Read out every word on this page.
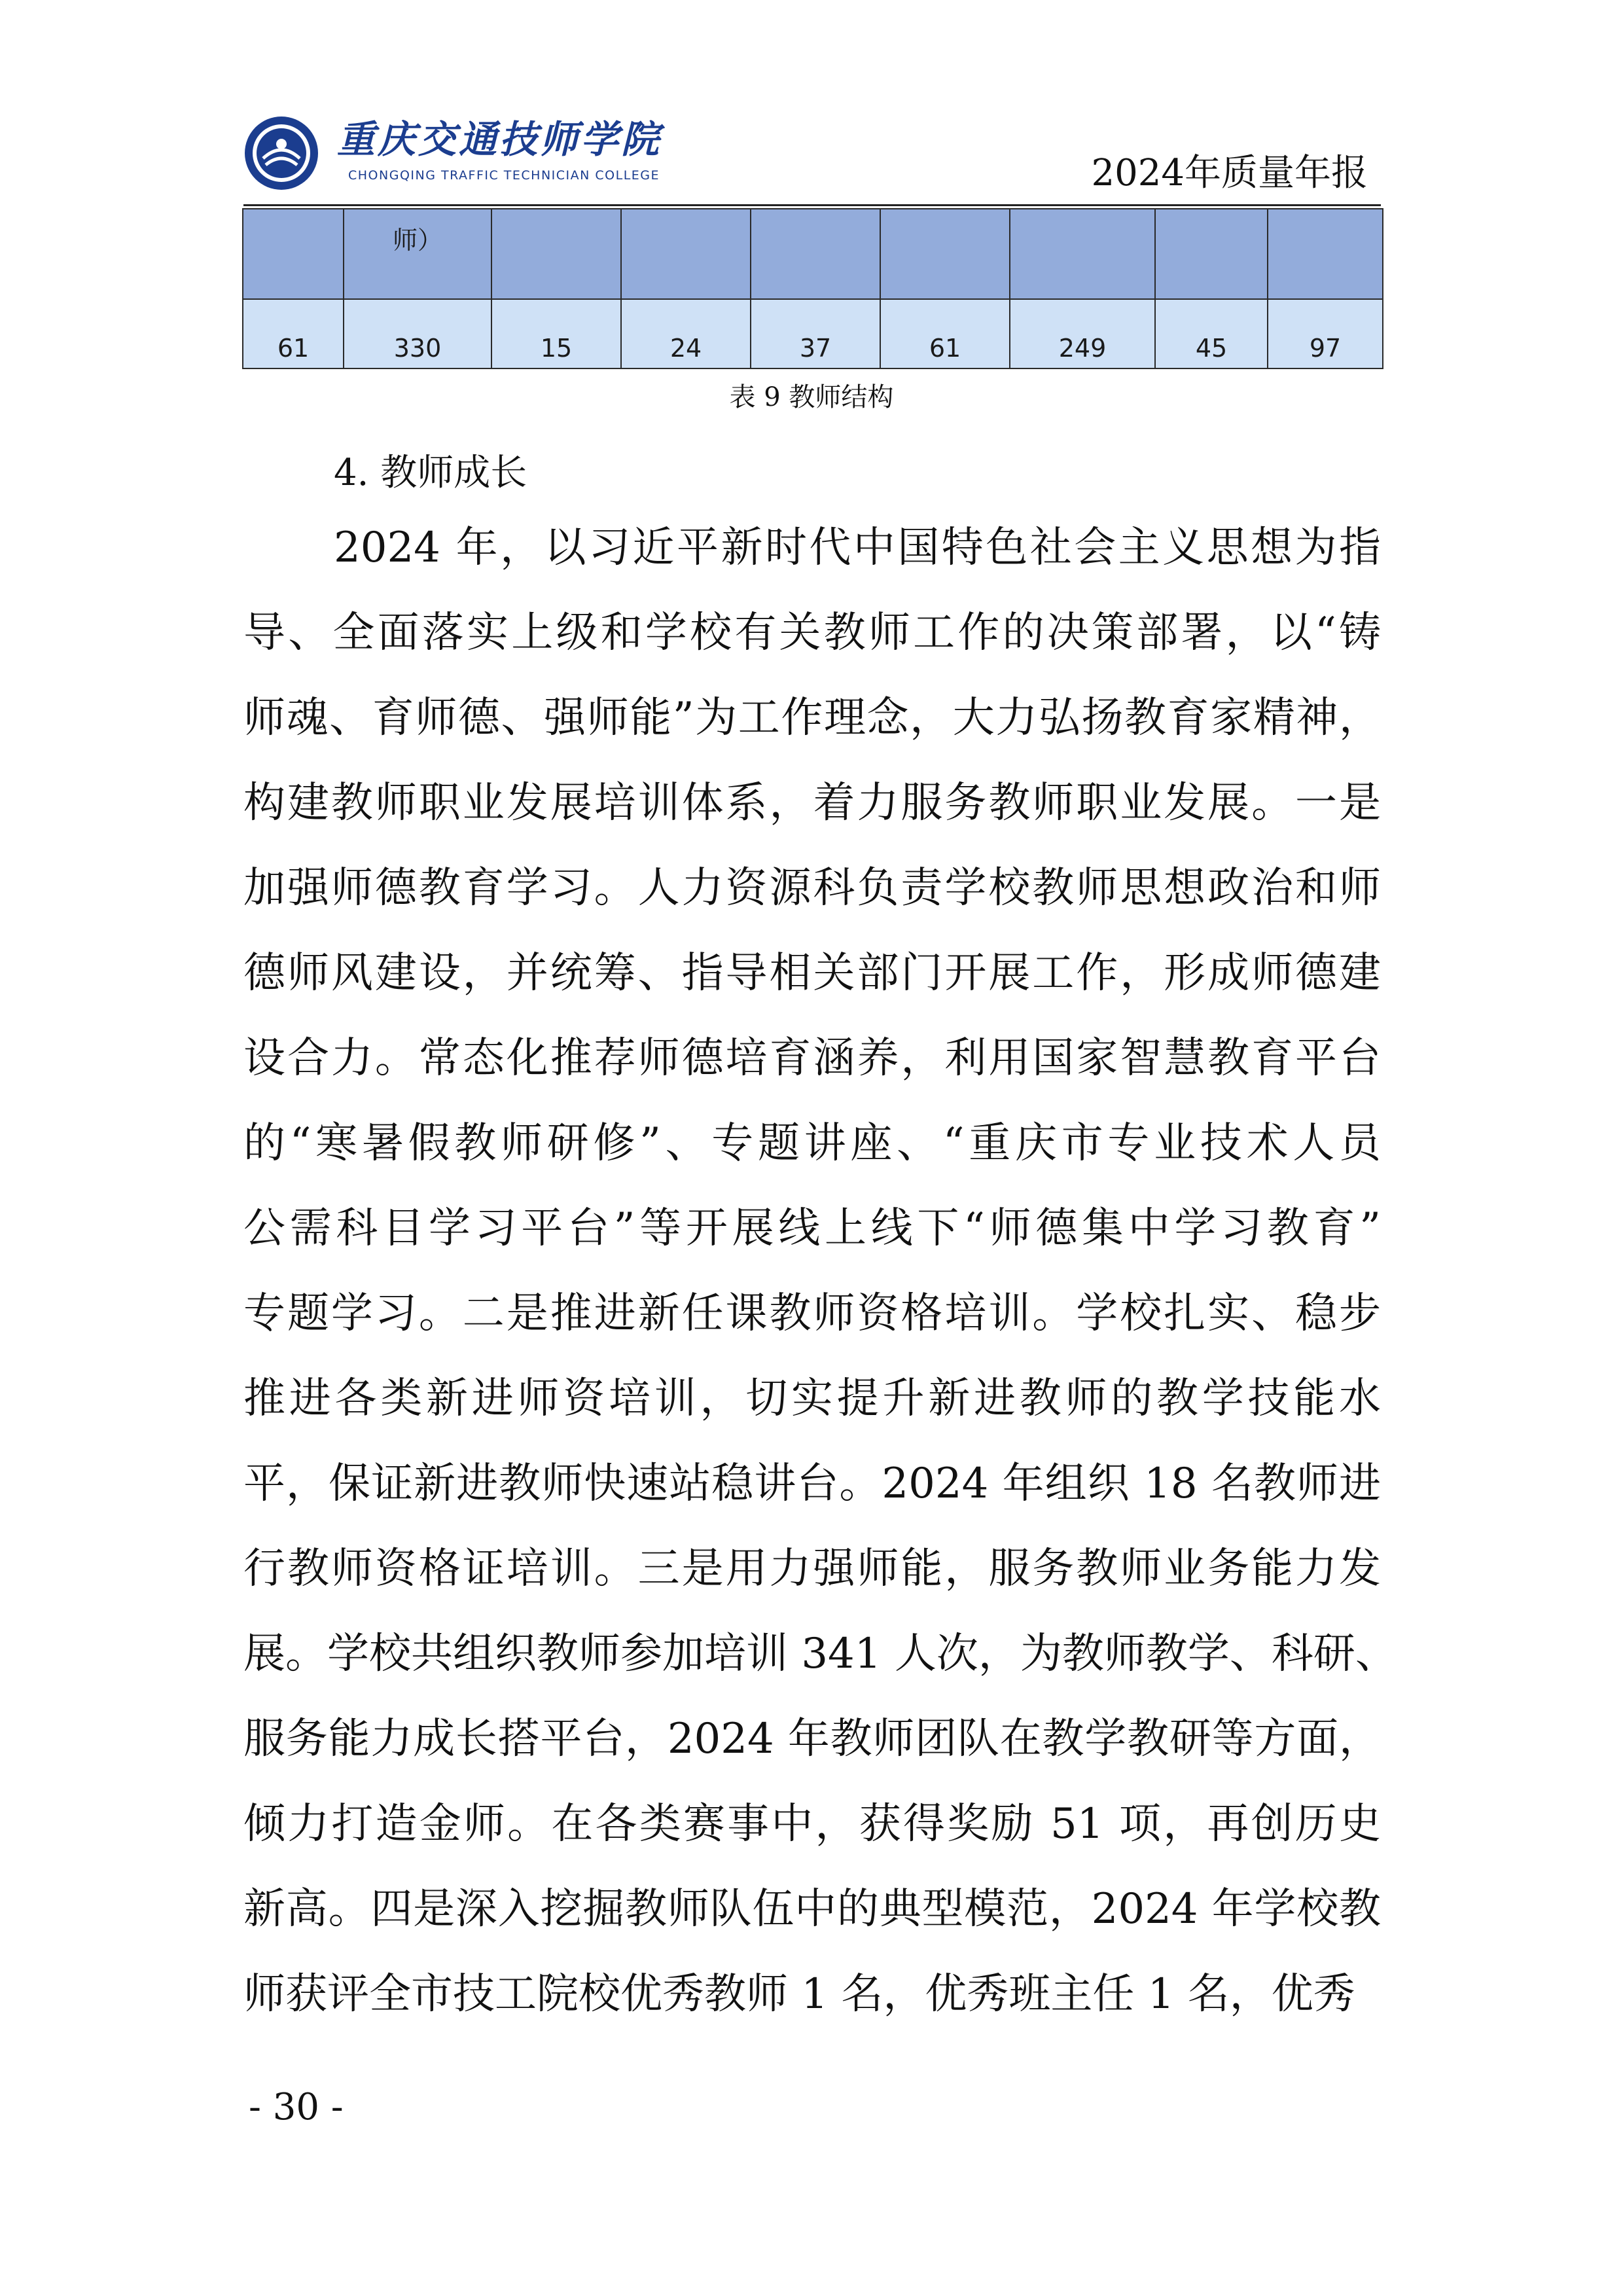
重庆交通技师学院
CHONGQING TRAFFIC TECHNICIAN COLLEGE	2024年质量年报

	师）							

61	330	15	24	37	61	249	45	97
表 9 教师结构
4. 教师成长
2024 年，以习近平新时代中国特色社会主义思想为指
导、全面落实上级和学校有关教师工作的决策部署，以“铸
师魂、育师德、强师能”为工作理念，大力弘扬教育家精神，
构建教师职业发展培训体系，着力服务教师职业发展。一是
加强师德教育学习。人力资源科负责学校教师思想政治和师
德师风建设，并统筹、指导相关部门开展工作，形成师德建
设合力。常态化推荐师德培育涵养，利用国家智慧教育平台
的“寒暑假教师研修”、专题讲座、“重庆市专业技术人员
公需科目学习平台”等开展线上线下“师德集中学习教育”
专题学习。二是推进新任课教师资格培训。学校扎实、稳步
推进各类新进师资培训，切实提升新进教师的教学技能水
平，保证新进教师快速站稳讲台。2024 年组织 18 名教师进
行教师资格证培训。三是用力强师能，服务教师业务能力发
展。学校共组织教师参加培训 341 人次，为教师教学、科研、
服务能力成长搭平台，2024 年教师团队在教学教研等方面，
倾力打造金师。在各类赛事中，获得奖励 51 项，再创历史
新高。四是深入挖掘教师队伍中的典型模范，2024 年学校教
师获评全市技工院校优秀教师 1 名，优秀班主任 1 名，优秀
- 30 -
